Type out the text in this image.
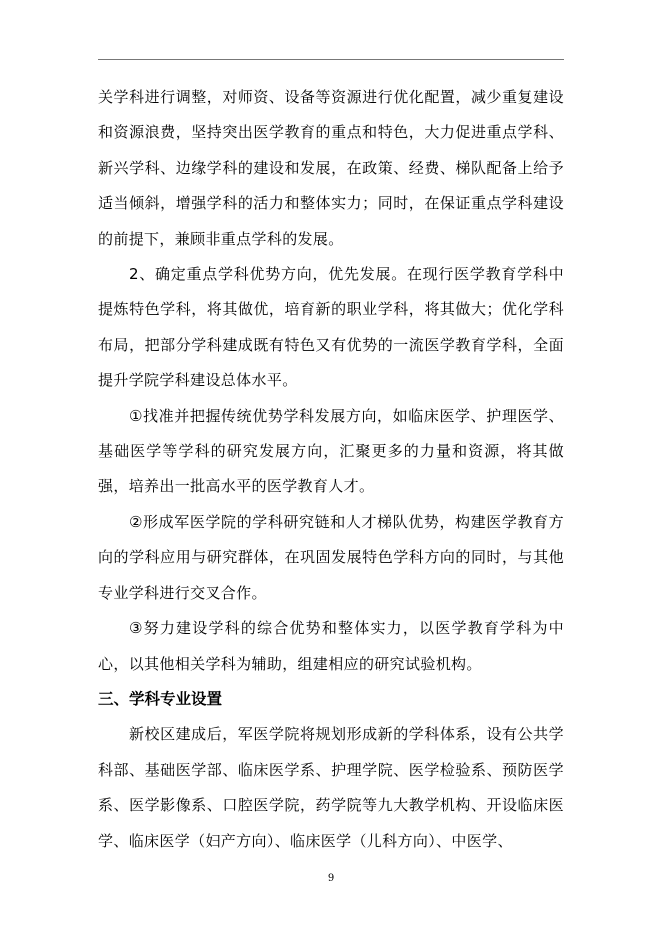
关学科进行调整，对师资、设备等资源进行优化配置，减少重复建设和资源浪费，坚持突出医学教育的重点和特色，大力促进重点学科、新兴学科、边缘学科的建设和发展，在政策、经费、梯队配备上给予适当倾斜，增强学科的活力和整体实力；同时，在保证重点学科建设的前提下，兼顾非重点学科的发展。

2、确定重点学科优势方向，优先发展。在现行医学教育学科中提炼特色学科，将其做优，培育新的职业学科，将其做大；优化学科布局，把部分学科建成既有特色又有优势的一流医学教育学科，全面提升学院学科建设总体水平。

①找准并把握传统优势学科发展方向，如临床医学、护理医学、基础医学等学科的研究发展方向，汇聚更多的力量和资源，将其做强，培养出一批高水平的医学教育人才。

②形成军医学院的学科研究链和人才梯队优势，构建医学教育方向的学科应用与研究群体，在巩固发展特色学科方向的同时，与其他专业学科进行交叉合作。

③努力建设学科的综合优势和整体实力，以医学教育学科为中心，以其他相关学科为辅助，组建相应的研究试验机构。

三、学科专业设置

新校区建成后，军医学院将规划形成新的学科体系，设有公共学科部、基础医学部、临床医学系、护理学院、医学检验系、预防医学系、医学影像系、口腔医学院，药学院等九大教学机构、开设临床医学、临床医学（妇产方向）、临床医学（儿科方向）、中医学、

9
